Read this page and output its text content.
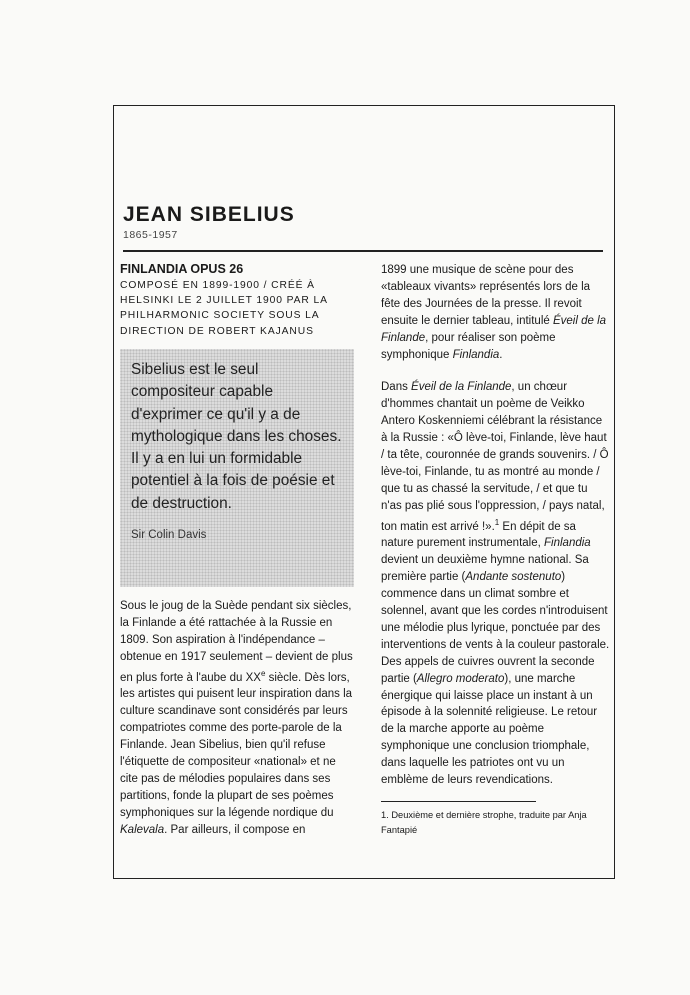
JEAN SIBELIUS
1865-1957
FINLANDIA OPUS 26

COMPOSÉ EN 1899-1900 / CRÉÉ À HELSINKI LE 2 JUILLET 1900 PAR LA PHILHARMONIC SOCIETY SOUS LA DIRECTION DE ROBERT KAJANUS

Sibelius est le seul compositeur capable d'exprimer ce qu'il y a de mythologique dans les choses. Il y a en lui un formidable potentiel à la fois de poésie et de destruction.

Sir Colin Davis

Sous le joug de la Suède pendant six siècles, la Finlande a été rattachée à la Russie en 1809. Son aspiration à l'indépendance – obtenue en 1917 seulement – devient de plus en plus forte à l'aube du XXe siècle. Dès lors, les artistes qui puisent leur inspiration dans la culture scandinave sont considérés par leurs compatriotes comme des porte-parole de la Finlande. Jean Sibelius, bien qu'il refuse l'étiquette de compositeur «national» et ne cite pas de mélodies populaires dans ses partitions, fonde la plupart de ses poèmes symphoniques sur la légende nordique du Kalevala. Par ailleurs, il compose en

1899 une musique de scène pour des «tableaux vivants» représentés lors de la fête des Journées de la presse. Il revoit ensuite le dernier tableau, intitulé Éveil de la Finlande, pour réaliser son poème symphonique Finlandia.

Dans Éveil de la Finlande, un chœur d'hommes chantait un poème de Veikko Antero Koskenniemi célébrant la résistance à la Russie : «Ô lève-toi, Finlande, lève haut / ta tête, couronnée de grands souvenirs. / Ô lève-toi, Finlande, tu as montré au monde / que tu as chassé la servitude, / et que tu n'as pas plié sous l'oppression, / pays natal, ton matin est arrivé !».$^1$ En dépit de sa nature purement instrumentale, Finlandia devient un deuxième hymne national. Sa première partie (Andante sostenuto) commence dans un climat sombre et solennel, avant que les cordes n'introduisent une mélodie plus lyrique, ponctuée par des interventions de vents à la couleur pastorale. Des appels de cuivres ouvrent la seconde partie (Allegro moderato), une marche énergique qui laisse place un instant à un épisode à la solennité religieuse. Le retour de la marche apporte au poème symphonique une conclusion triomphale, dans laquelle les patriotes ont vu un emblème de leurs revendications.

1. Deuxième et dernière strophe, traduite par Anja Fantapié
